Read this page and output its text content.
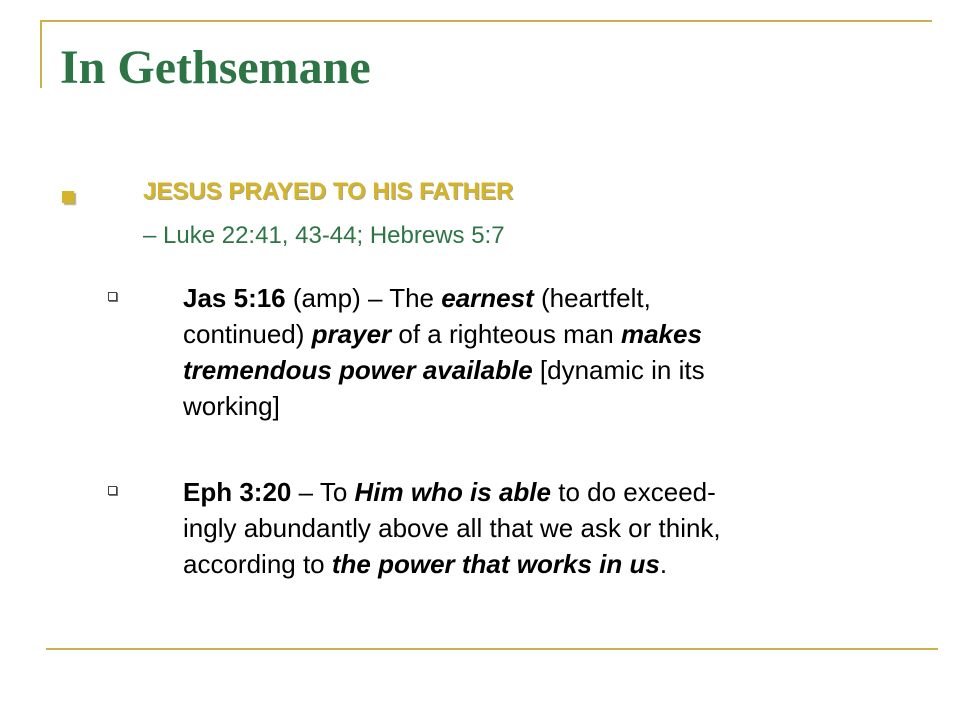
In Gethsemane
JESUS PRAYED TO HIS FATHER
– Luke 22:41, 43-44; Hebrews 5:7

Jas 5:16 (amp) – The earnest (heartfelt,
continued) prayer of a righteous man makes
tremendous power available [dynamic in its
working]

Eph 3:20 – To Him who is able to do exceed-
ingly abundantly above all that we ask or think,
according to the power that works in us.
